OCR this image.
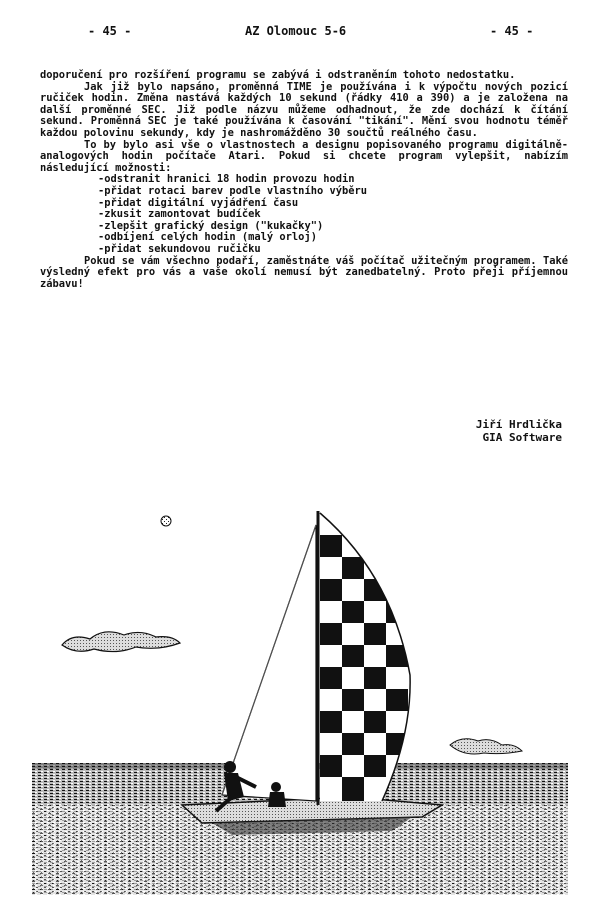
- 45 -	AZ Olomouc 5-6	- 45 -

doporučení pro rozšíření programu se zabývá i odstraněním tohoto nedostatku.

Jak již bylo napsáno, proměnná TIME je používána i k výpočtu nových pozicí ručiček hodin. Změna nastává každých 10 sekund (řádky 410 a 390) a je založena na další proměnné SEC. Již podle názvu můžeme odhadnout, že zde dochází k čítání sekund. Proměnná SEC je také používána k časování "tikání". Mění svou hodnotu téměř každou polovinu sekundy, kdy je nashromážděno 30 součtů reálného času.

To by bylo asi vše o vlastnostech a designu popisovaného programu digitálně-analogových hodin počítače Atari. Pokud si chcete program vylepšit, nabízím následující možnosti:

-odstranit hranici 18 hodin provozu hodin
-přidat rotaci barev podle vlastního výběru
-přidat digitální vyjádření času
-zkusit zamontovat budíček
-zlepšit grafický design ("kukačky")
-odbíjení celých hodin (malý orloj)
-přidat sekundovou ručičku

Pokud se vám všechno podaří, zaměstnáte váš počítač užitečným programem. Také výsledný efekt pro vás a vaše okolí nemusí být zanedbatelný. Proto přeji příjemnou zábavu!

Jiří Hrdlička
GIA Software
